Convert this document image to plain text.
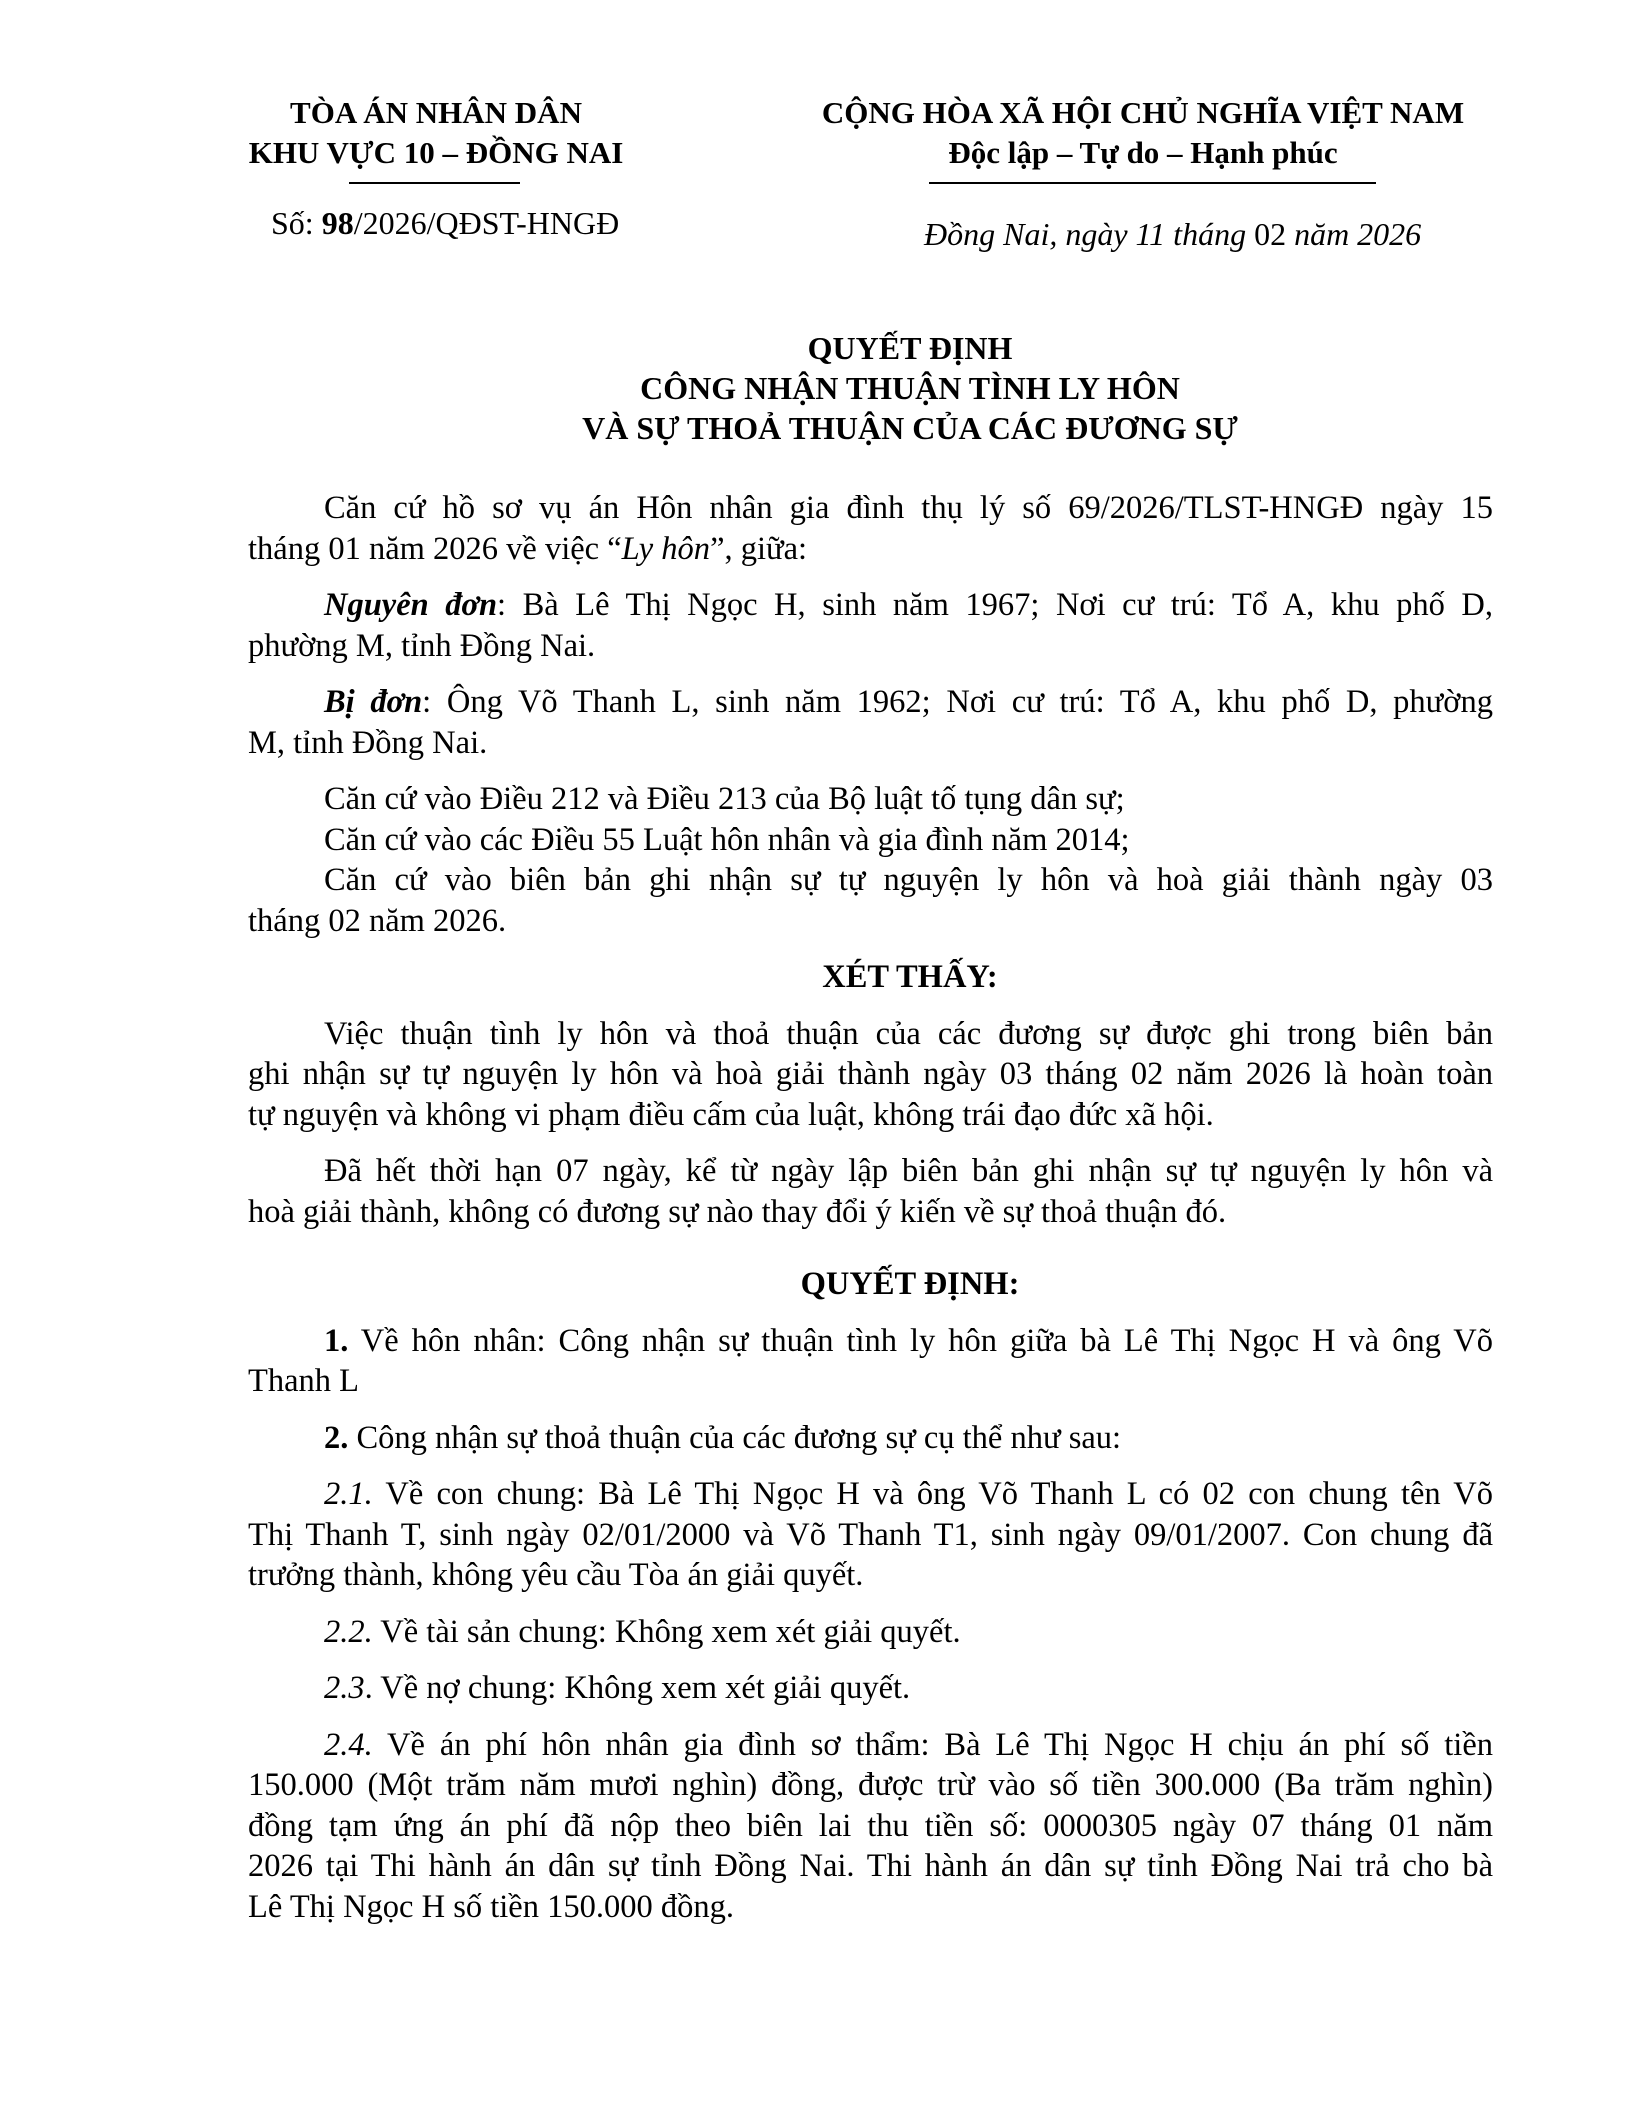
TÒA ÁN NHÂN DÂN
KHU VỰC 10 – ĐỒNG NAI
Số: 98/2026/QĐST-HNGĐ
CỘNG HÒA XÃ HỘI CHỦ NGHĨA VIỆT NAM
Độc lập – Tự do – Hạnh phúc
Đồng Nai, ngày 11 tháng 02 năm 2026
QUYẾT ĐỊNH
CÔNG NHẬN THUẬN TÌNH LY HÔN
VÀ SỰ THOẢ THUẬN CỦA CÁC ĐƯƠNG SỰ
Căn cứ hồ sơ vụ án Hôn nhân gia đình thụ lý số 69/2026/TLST-HNGĐ ngày 15
tháng 01 năm 2026 về việc “Ly hôn”, giữa:
Nguyên đơn: Bà Lê Thị Ngọc H, sinh năm 1967; Nơi cư trú: Tổ A, khu phố D,
phường M, tỉnh Đồng Nai.
Bị đơn: Ông Võ Thanh L, sinh năm 1962; Nơi cư trú: Tổ A, khu phố D, phường
M, tỉnh Đồng Nai.
Căn cứ vào Điều 212 và Điều 213 của Bộ luật tố tụng dân sự;
Căn cứ vào các Điều 55 Luật hôn nhân và gia đình năm 2014;
Căn cứ vào biên bản ghi nhận sự tự nguyện ly hôn và hoà giải thành ngày 03
tháng 02 năm 2026.
XÉT THẤY:
Việc thuận tình ly hôn và thoả thuận của các đương sự được ghi trong biên bản
ghi nhận sự tự nguyện ly hôn và hoà giải thành ngày 03 tháng 02 năm 2026 là hoàn toàn
tự nguyện và không vi phạm điều cấm của luật, không trái đạo đức xã hội.
Đã hết thời hạn 07 ngày, kể từ ngày lập biên bản ghi nhận sự tự nguyện ly hôn và
hoà giải thành, không có đương sự nào thay đổi ý kiến về sự thoả thuận đó.
QUYẾT ĐỊNH:
1. Về hôn nhân: Công nhận sự thuận tình ly hôn giữa bà Lê Thị Ngọc H và ông Võ
Thanh L
2. Công nhận sự thoả thuận của các đương sự cụ thể như sau:
2.1. Về con chung: Bà Lê Thị Ngọc H và ông Võ Thanh L có 02 con chung tên Võ
Thị Thanh T, sinh ngày 02/01/2000 và Võ Thanh T1, sinh ngày 09/01/2007. Con chung đã
trưởng thành, không yêu cầu Tòa án giải quyết.
2.2. Về tài sản chung: Không xem xét giải quyết.
2.3. Về nợ chung: Không xem xét giải quyết.
2.4. Về án phí hôn nhân gia đình sơ thẩm: Bà Lê Thị Ngọc H chịu án phí số tiền
150.000 (Một trăm năm mươi nghìn) đồng, được trừ vào số tiền 300.000 (Ba trăm nghìn)
đồng tạm ứng án phí đã nộp theo biên lai thu tiền số: 0000305 ngày 07 tháng 01 năm
2026 tại Thi hành án dân sự tỉnh Đồng Nai. Thi hành án dân sự tỉnh Đồng Nai trả cho bà
Lê Thị Ngọc H số tiền 150.000 đồng.
